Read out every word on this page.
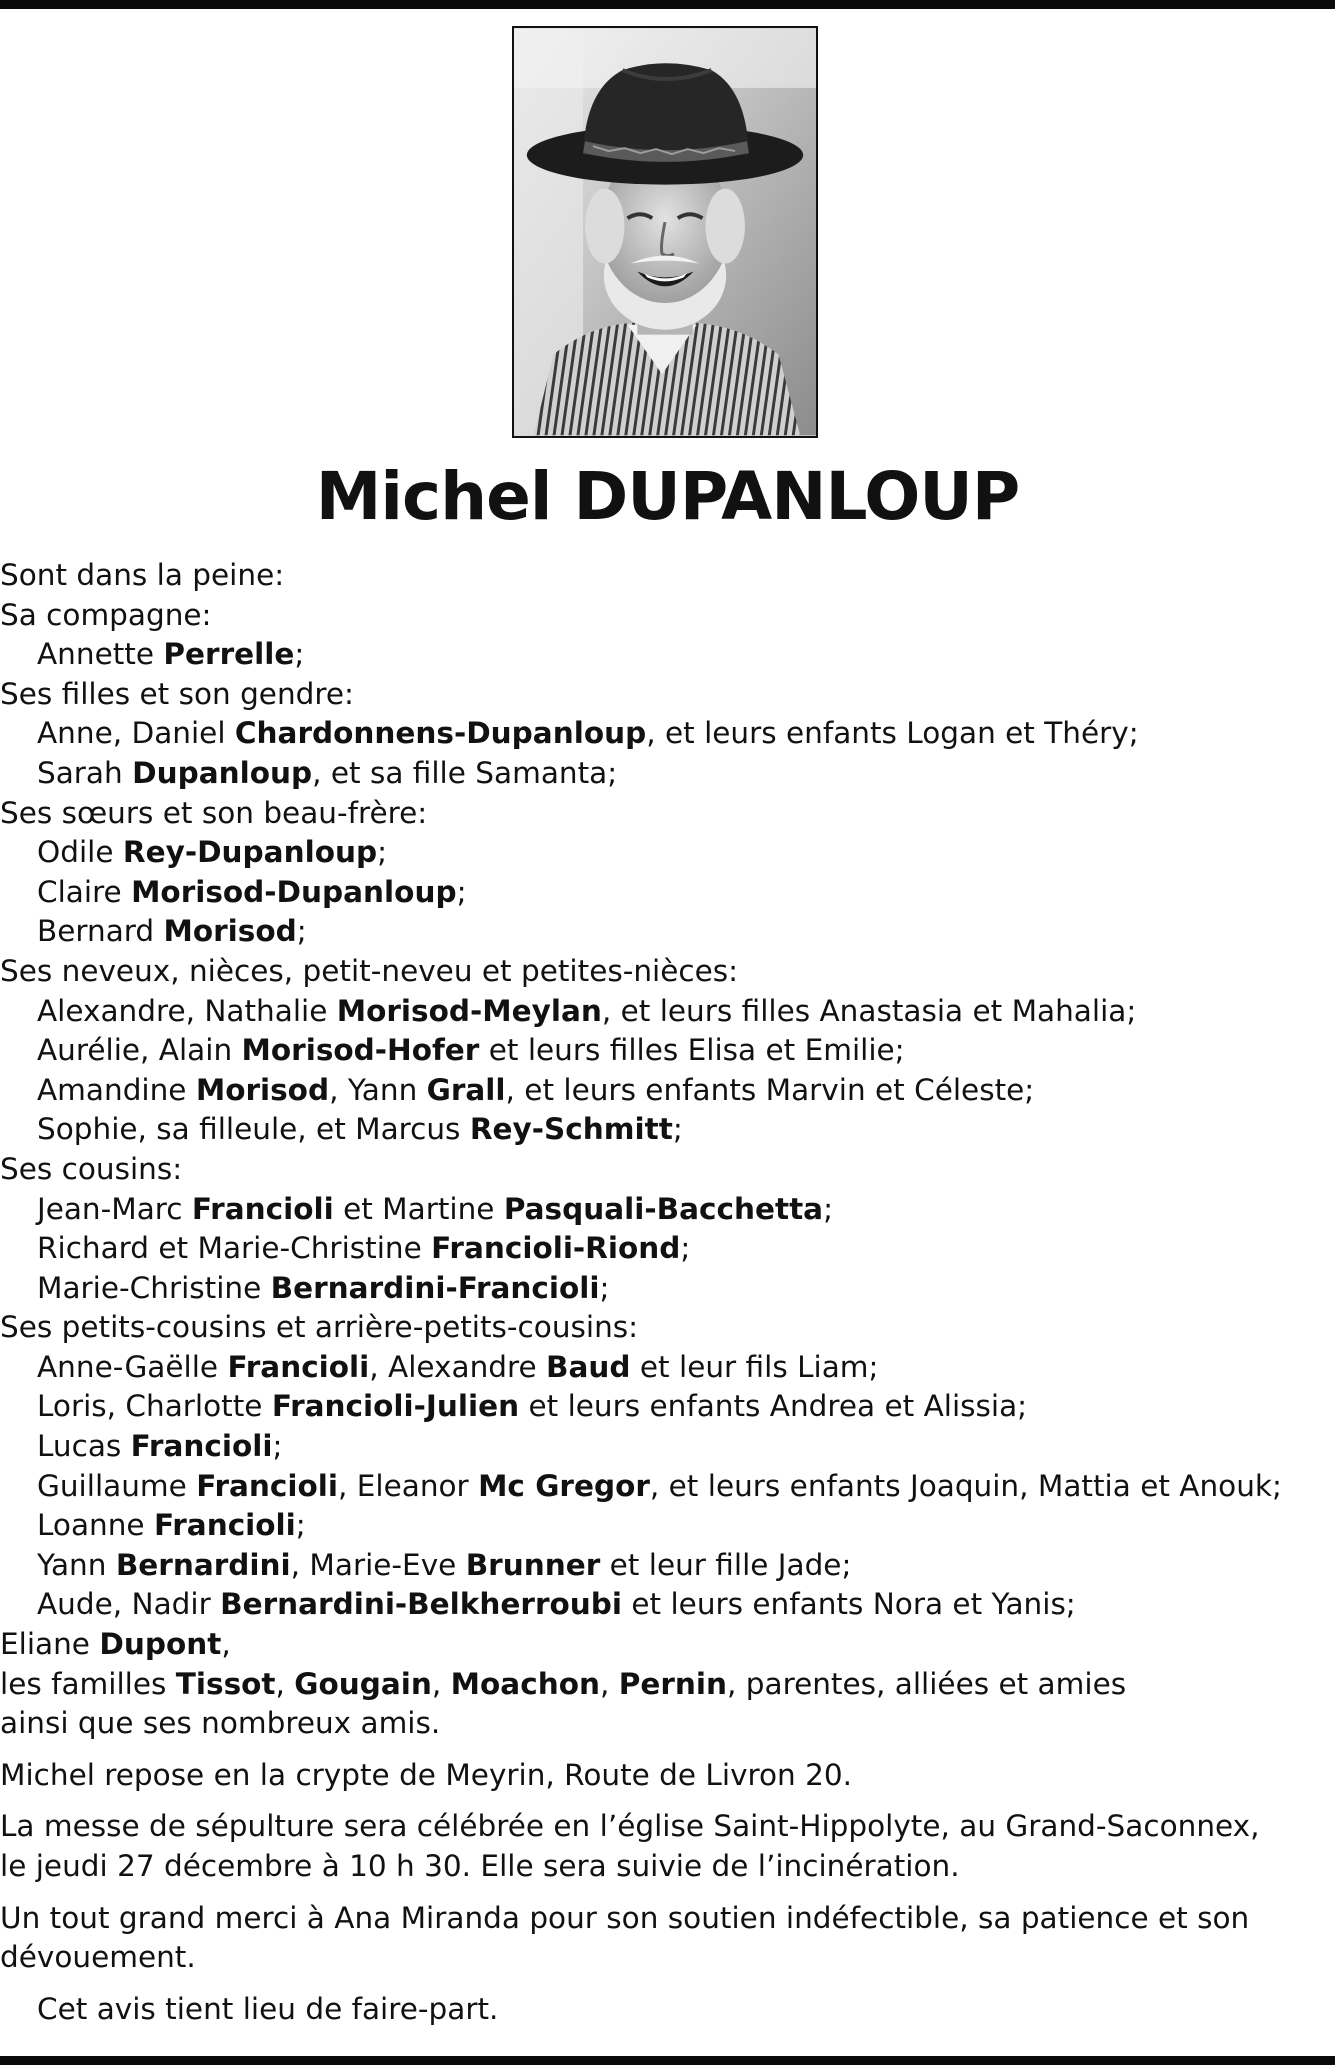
Michel DUPANLOUP
Sont dans la peine:
Sa compagne:
Annette Perrelle;
Ses filles et son gendre:
Anne, Daniel Chardonnens-Dupanloup, et leurs enfants Logan et Théry;
Sarah Dupanloup, et sa fille Samanta;
Ses sœurs et son beau-frère:
Odile Rey-Dupanloup;
Claire Morisod-Dupanloup;
Bernard Morisod;
Ses neveux, nièces, petit-neveu et petites-nièces:
Alexandre, Nathalie Morisod-Meylan, et leurs filles Anastasia et Mahalia;
Aurélie, Alain Morisod-Hofer et leurs filles Elisa et Emilie;
Amandine Morisod, Yann Grall, et leurs enfants Marvin et Céleste;
Sophie, sa filleule, et Marcus Rey-Schmitt;
Ses cousins:
Jean-Marc Francioli et Martine Pasquali-Bacchetta;
Richard et Marie-Christine Francioli-Riond;
Marie-Christine Bernardini-Francioli;
Ses petits-cousins et arrière-petits-cousins:
Anne-Gaëlle Francioli, Alexandre Baud et leur fils Liam;
Loris, Charlotte Francioli-Julien et leurs enfants Andrea et Alissia;
Lucas Francioli;
Guillaume Francioli, Eleanor Mc Gregor, et leurs enfants Joaquin, Mattia et Anouk;
Loanne Francioli;
Yann Bernardini, Marie-Eve Brunner et leur fille Jade;
Aude, Nadir Bernardini-Belkherroubi et leurs enfants Nora et Yanis;
Eliane Dupont,
les familles Tissot, Gougain, Moachon, Pernin, parentes, alliées et amies
ainsi que ses nombreux amis.
Michel repose en la crypte de Meyrin, Route de Livron 20.
La messe de sépulture sera célébrée en l’église Saint-Hippolyte, au Grand-Saconnex,
le jeudi 27 décembre à 10 h 30. Elle sera suivie de l’incinération.
Un tout grand merci à Ana Miranda pour son soutien indéfectible, sa patience et son
dévouement.
Cet avis tient lieu de faire-part.
